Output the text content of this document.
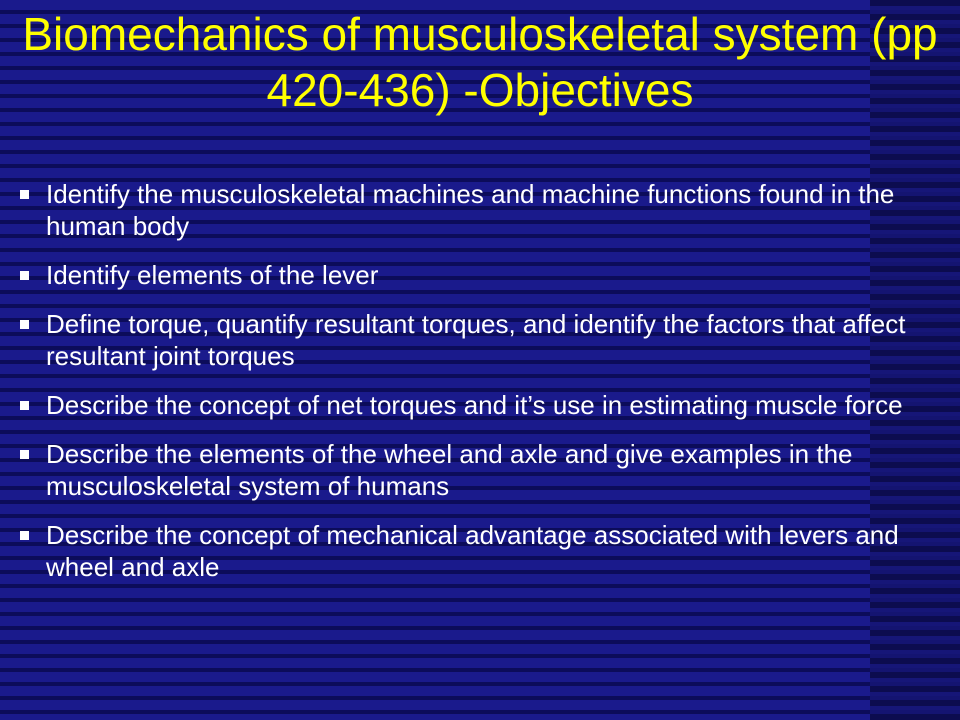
Biomechanics of musculoskeletal system (pp 420-436) -Objectives
Identify the musculoskeletal machines and machine functions found in the human body
Identify elements of the lever
Define torque, quantify resultant torques, and identify the factors that affect resultant joint torques
Describe the concept of net torques and it’s use in estimating muscle force
Describe the elements of the wheel and axle and give examples in the musculoskeletal system of humans
Describe the concept of mechanical advantage associated with levers and wheel and axle
